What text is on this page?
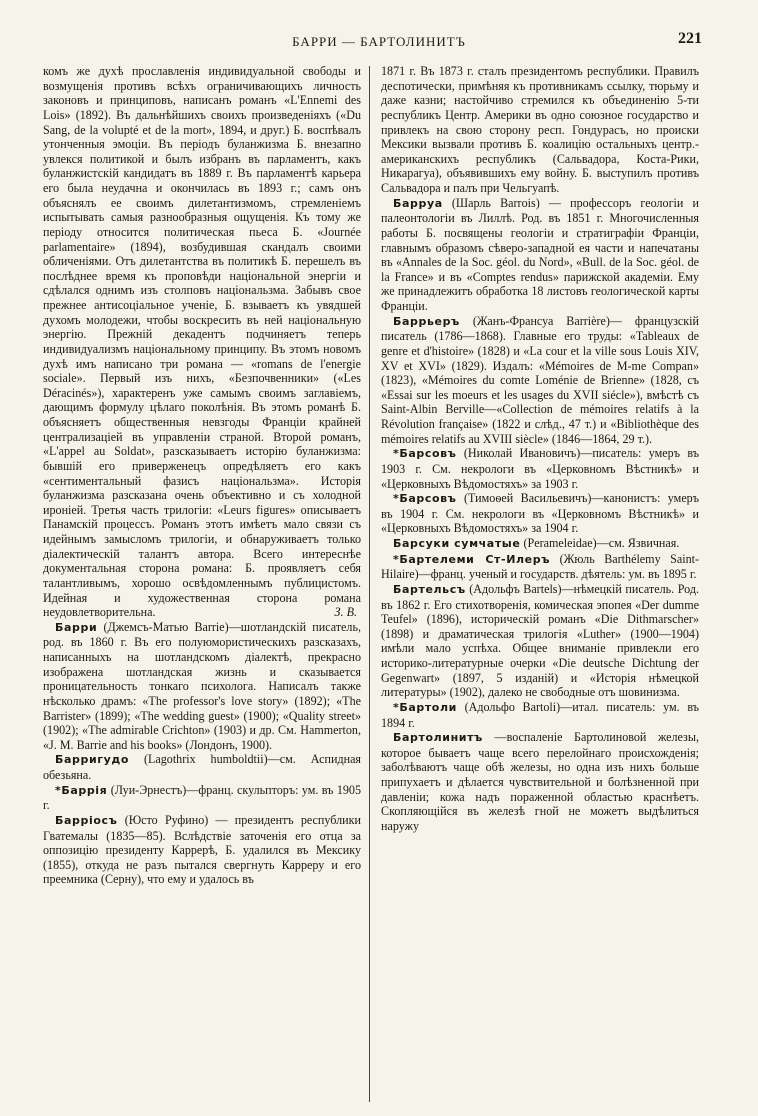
БАРРИ — БАРТОЛИНИТЪ	221

комъ же духѣ прославленія индивидуальной свободы и возмущенія противъ всѣхъ ограничивающихъ личность законовъ и принциповъ, написанъ романъ «L'Ennemi des Lois» (1892). Въ дальнѣйшихъ своихъ произведеніяхъ («Du Sang, de la volupté et de la mort», 1894, и друг.) Б. воспѣвалъ утонченныя эмоціи. Въ періодъ буланжизма Б. внезапно увлекся политикой и былъ избранъ въ парламентъ, какъ буланжистскій кандидатъ въ 1889 г. Въ парламентѣ карьера его была неудачна и окончилась въ 1893 г.; самъ онъ объяснялъ ее своимъ дилетантизмомъ, стремленіемъ испытывать самыя разнообразныя ощущенія. Къ тому же періоду относится политическая пьеса Б. «Journée parlamentaire» (1894), возбудившая скандалъ своими обличеніями. Отъ дилетантства въ политикѣ Б. перешелъ въ послѣднее время къ проповѣди національной энергіи и сдѣлался однимъ изъ столповъ національзма. Забывъ свое прежнее антисоціальное ученіе, Б. взываетъ къ увядшей духомъ молодежи, чтобы воскресить въ ней національную энергію. Прежній декадентъ подчиняетъ теперь индивидуализмъ національному принципу. Въ этомъ новомъ духѣ имъ написано три романа — «romans de l'energie sociale». Первый изъ нихъ, «Безпочвенники» («Les Déracinés»), характеренъ уже самымъ своимъ заглавіемъ, дающимъ формулу цѣлаго поколѣнія. Въ этомъ романѣ Б. объясняетъ общественныя невзгоды Франціи крайней централизаціей въ управленіи страной. Второй романъ, «L'appel au Soldat», разсказываетъ исторію буланжизма: бывшій его приверженецъ опредѣляетъ его какъ «сентиментальный фазисъ національзма». Исторія буланжизма разсказана очень объективно и съ холодной ироніей. Третья часть трилогіи: «Leurs figures» описываетъ Панамскій процессъ. Романъ этотъ имѣетъ мало связи съ идейнымъ замысломъ трилогіи, и обнаруживаетъ только діалектическій талантъ автора. Всего интереснѣе документальная сторона романа: Б. проявляетъ себя талантливымъ, хорошо освѣдомленнымъ публицистомъ. Идейная и художественная сторона романа неудовлетворительна.	З. В.

Барри (Джемсъ-Матью Barrie)—шотландскій писатель, род. въ 1860 г. Въ его полуюмористическихъ разсказахъ, написанныхъ на шотландскомъ діалектѣ, прекрасно изображена шотландская жизнь и сказывается проницательность тонкаго психолога. Написалъ также нѣсколько драмъ: «The professor's love story» (1892); «The Barrister» (1899); «The wedding guest» (1900); «Quality street» (1902); «The admirable Crichton» (1903) и др. См. Hammerton, «J. M. Barrie and his books» (Лондонъ, 1900).

Барригудо (Lagothrix humboldtii)—см. Аспидная обезьяна.

*Баррія (Луи-Эрнестъ)—франц. скульпторъ: ум. въ 1905 г.

Барріосъ (Юсто Руфино) — президентъ республики Гватемалы (1835—85). Вслѣдствіе заточенія его отца за оппозицію президенту Каррерѣ, Б. удалился въ Мексику (1855), откуда не разъ пытался свергнуть Карреру и его преемника (Серну), что ему и удалось въ

1871 г. Въ 1873 г. сталъ президентомъ республики. Правилъ деспотически, примѣняя къ противникамъ ссылку, тюрьму и даже казни; настойчиво стремился къ объединенію 5-ти республикъ Центр. Америки въ одно союзное государство и привлекъ на свою сторону респ. Гондурасъ, но происки Мексики вызвали противъ Б. коалицію остальныхъ центр.-американскихъ республикъ (Сальвадора, Коста-Рики, Никарагуа), объявившихъ ему войну. Б. выступилъ противъ Сальвадора и палъ при Чельгуапѣ.

Барруа (Шарль Barrois) — профессоръ геологіи и палеонтологіи въ Лиллѣ. Род. въ 1851 г. Многочисленныя работы Б. посвящены геологіи и стратиграфіи Франціи, главнымъ образомъ сѣверо-западной ея части и напечатаны въ «Annales de la Soc. géol. du Nord», «Bull. de la Soc. géol. de la France» и въ «Comptes rendus» парижской академіи. Ему же принадлежитъ обработка 18 листовъ геологической карты Франціи.

Баррьеръ (Жанъ-Франсуа Barrière)— французскій писатель (1786—1868). Главные его труды: «Tableaux de genre et d'histoire» (1828) и «La cour et la ville sous Louis XIV, XV et XVI» (1829). Издалъ: «Mémoires de M-me Compan» (1823), «Mémoires du comte Loménie de Brienne» (1828, съ «Essai sur les moeurs et les usages du XVII siécle»), вмѣстѣ съ Saint-Albin Berville—«Collection de mémoires relatifs à la Révolution française» (1822 и слѣд., 47 т.) и «Bibliothèque des mémoires relatifs au XVIII siècle» (1846—1864, 29 т.).

*Барсовъ (Николай Ивановичъ)—писатель: умеръ въ 1903 г. См. некрологи въ «Церковномъ Вѣстникѣ» и «Церковныхъ Вѣдомостяхъ» за 1903 г.

*Барсовъ (Тимоѳей Васильевичъ)—канонистъ: умеръ въ 1904 г. См. некрологи въ «Церковномъ Вѣстникѣ» и «Церковныхъ Вѣдомостяхъ» за 1904 г.

Барсуки сумчатые (Perameleidae)—см. Язвичная.

*Бартелеми Ст-Илеръ (Жюль Barthélemy Saint-Hilaire)—франц. ученый и государств. дѣятель: ум. въ 1895 г.

Бартельсъ (Адольфъ Bartels)—нѣмецкій писатель. Род. въ 1862 г. Его стихотворенія, комическая эпопея «Der dumme Teufel» (1896), историческій романъ «Die Dithmarscher» (1898) и драматическая трилогія «Luther» (1900—1904) имѣли мало успѣха. Общее вниманіе привлекли его историко-литературные очерки «Die deutsche Dichtung der Gegenwart» (1897, 5 изданій) и «Исторія нѣмецкой литературы» (1902), далеко не свободные отъ шовинизма.

*Бартоли (Адольфо Bartoli)—итал. писатель: ум. въ 1894 г.

Бартолинитъ —воспаленіе Бартолиновой железы, которое бываетъ чаще всего перелойнаго происхожденія; заболѣваютъ чаще обѣ железы, но одна изъ нихъ больше припухаетъ и дѣлается чувствительной и болѣзненной при давленіи; кожа надъ пораженной областью краснѣетъ. Скопляющійся въ железѣ гной не можетъ выдѣлиться наружу
